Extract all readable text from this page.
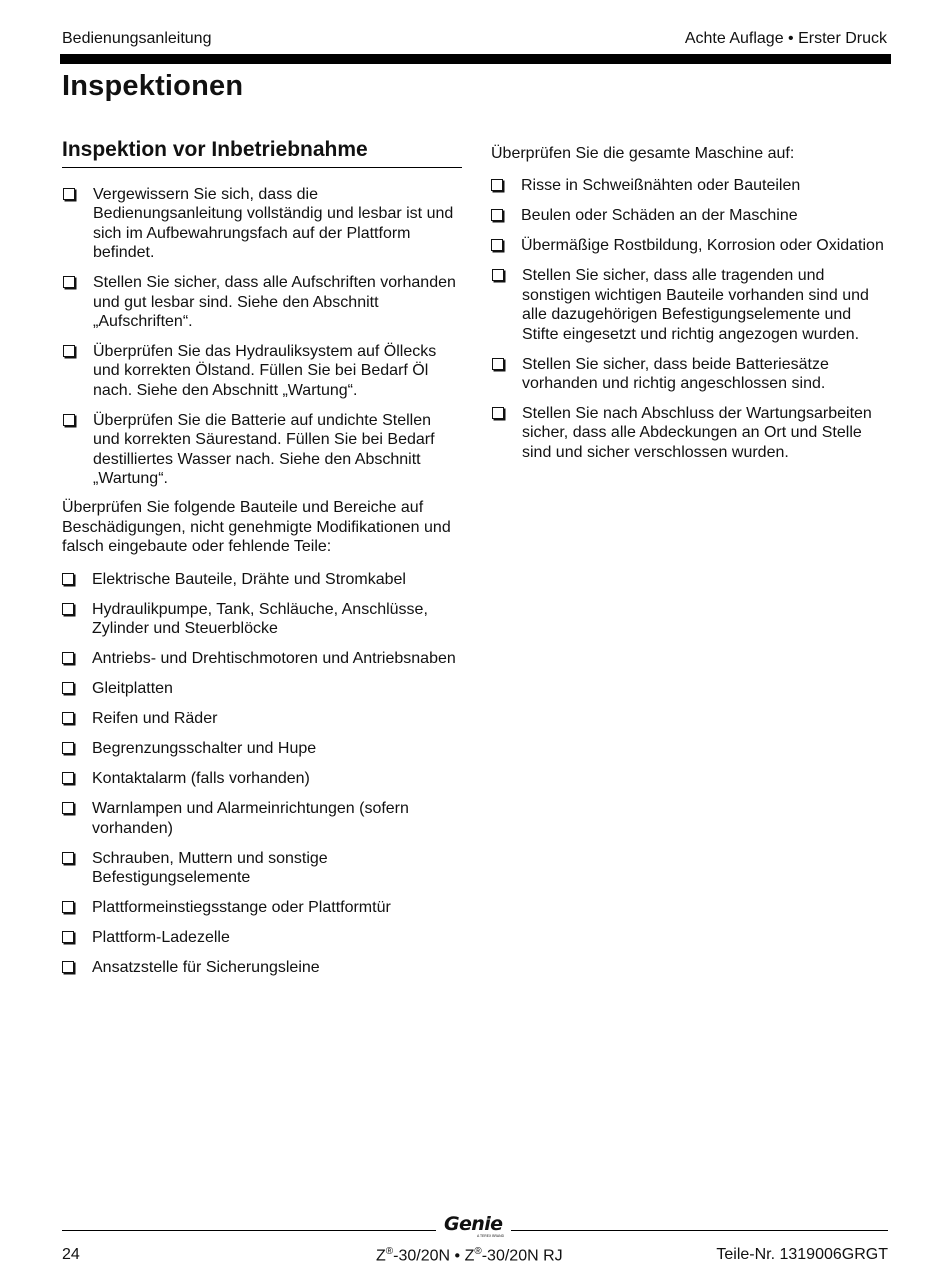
Bedienungsanleitung	Achte Auflage • Erster Druck
Inspektionen
Inspektion vor Inbetriebnahme
Vergewissern Sie sich, dass die Bedienungsanleitung vollständig und lesbar ist und sich im Aufbewahrungsfach auf der Plattform befindet.
Stellen Sie sicher, dass alle Aufschriften vorhanden und gut lesbar sind. Siehe den Abschnitt „Aufschriften“.
Überprüfen Sie das Hydrauliksystem auf Öllecks und korrekten Ölstand. Füllen Sie bei Bedarf Öl nach. Siehe den Abschnitt „Wartung“.
Überprüfen Sie die Batterie auf undichte Stellen und korrekten Säurestand. Füllen Sie bei Bedarf destilliertes Wasser nach. Siehe den Abschnitt „Wartung“.

Überprüfen Sie folgende Bauteile und Bereiche auf Beschädigungen, nicht genehmigte Modifikationen und falsch eingebaute oder fehlende Teile:

Elektrische Bauteile, Drähte und Stromkabel
Hydraulikpumpe, Tank, Schläuche, Anschlüsse, Zylinder und Steuerblöcke
Antriebs- und Drehtischmotoren und Antriebsnaben
Gleitplatten
Reifen und Räder
Begrenzungsschalter und Hupe
Kontaktalarm (falls vorhanden)
Warnlampen und Alarmeinrichtungen (sofern vorhanden)
Schrauben, Muttern und sonstige Befestigungselemente
Plattformeinstiegsstange oder Plattformtür
Plattform-Ladezelle
Ansatzstelle für Sicherungsleine

Überprüfen Sie die gesamte Maschine auf:

Risse in Schweißnähten oder Bauteilen
Beulen oder Schäden an der Maschine
Übermäßige Rostbildung, Korrosion oder Oxidation
Stellen Sie sicher, dass alle tragenden und sonstigen wichtigen Bauteile vorhanden sind und alle dazugehörigen Befestigungselemente und Stifte eingesetzt und richtig angezogen wurden.
Stellen Sie sicher, dass beide Batteriesätze vorhanden und richtig angeschlossen sind.
Stellen Sie nach Abschluss der Wartungsarbeiten sicher, dass alle Abdeckungen an Ort und Stelle sind und sicher verschlossen wurden.
Genie
A TEREX BRAND
24	Z®-30/20N • Z®-30/20N RJ	Teile-Nr. 1319006GRGT
